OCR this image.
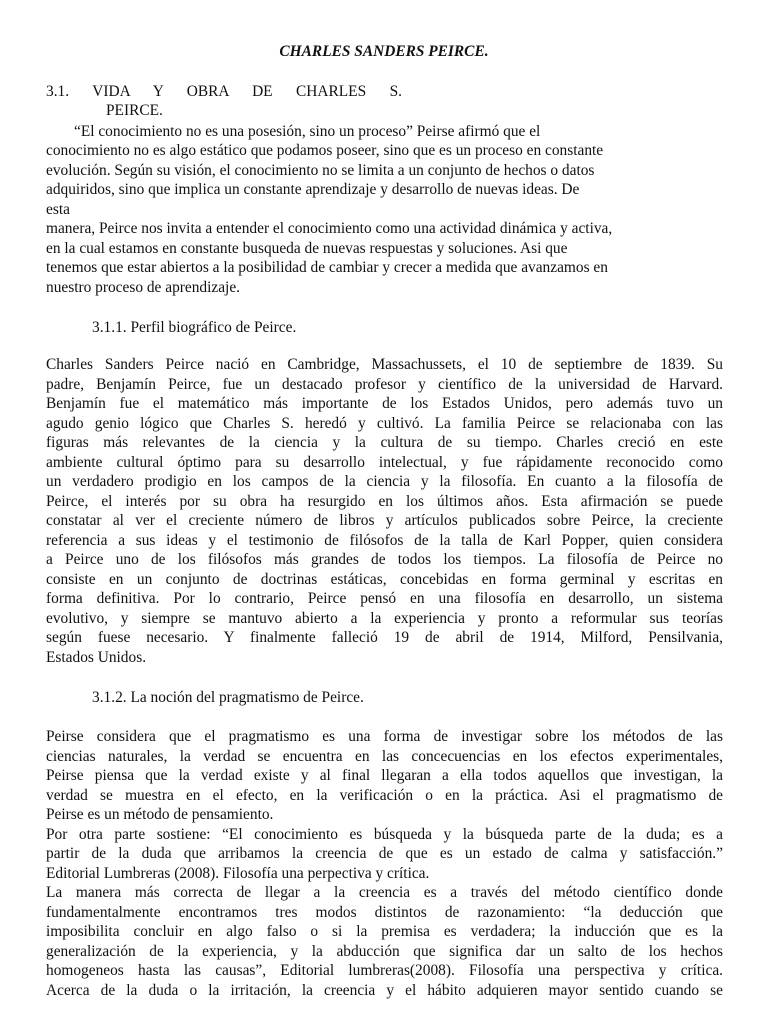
CHARLES SANDERS PEIRCE.

3.1. VIDA Y OBRA DE CHARLES S.

PEIRCE.

“El conocimiento no es una posesión, sino un proceso” Peirse afirmó que el

conocimiento no es algo estático que podamos poseer, sino que es un proceso en constante

evolución. Según su visión, el conocimiento no se limita a un conjunto de hechos o datos

adquiridos, sino que implica un constante aprendizaje y desarrollo de nuevas ideas. De

esta

manera, Peirce nos invita a entender el conocimiento como una actividad dinámica y activa,

en la cual estamos en constante busqueda de nuevas respuestas y soluciones. Asi que

tenemos que estar abiertos a la posibilidad de cambiar y crecer a medida que avanzamos en

nuestro proceso de aprendizaje.

3.1.1. Perfil biográfico de Peirce.

Charles Sanders Peirce nació en Cambridge, Massachussets, el 10 de septiembre de 1839. Su

padre, Benjamín Peirce, fue un destacado profesor y científico de la universidad de Harvard.

Benjamín fue el matemático más importante de los Estados Unidos, pero además tuvo un

agudo genio lógico que Charles S. heredó y cultivó. La familia Peirce se relacionaba con las

figuras más relevantes de la ciencia y la cultura de su tiempo. Charles creció en este

ambiente cultural óptimo para su desarrollo intelectual, y fue rápidamente reconocido como

un verdadero prodigio en los campos de la ciencia y la filosofía. En cuanto a la filosofía de

Peirce, el interés por su obra ha resurgido en los últimos años. Esta afirmación se puede

constatar al ver el creciente número de libros y artículos publicados sobre Peirce, la creciente

referencia a sus ideas y el testimonio de filósofos de la talla de Karl Popper, quien considera

a Peirce uno de los filósofos más grandes de todos los tiempos. La filosofía de Peirce no

consiste en un conjunto de doctrinas estáticas, concebidas en forma germinal y escritas en

forma definitiva. Por lo contrario, Peirce pensó en una filosofía en desarrollo, un sistema

evolutivo, y siempre se mantuvo abierto a la experiencia y pronto a reformular sus teorías

según fuese necesario. Y finalmente falleció 19 de abril de 1914, Milford, Pensilvania,

Estados Unidos.

3.1.2. La noción del pragmatismo de Peirce.

Peirse considera que el pragmatismo es una forma de investigar sobre los métodos de las

ciencias naturales, la verdad se encuentra en las concecuencias en los efectos experimentales,

Peirse piensa que la verdad existe y al final llegaran a ella todos aquellos que investigan, la

verdad se muestra en el efecto, en la verificación o en la práctica. Asi el pragmatismo de

Peirse es un método de pensamiento.

Por otra parte sostiene: “El conocimiento es búsqueda y la búsqueda parte de la duda; es a

partir de la duda que arribamos la creencia de que es un estado de calma y satisfacción.”

Editorial Lumbreras (2008). Filosofía una perpectiva y crítica.

La manera más correcta de llegar a la creencia es a través del método científico donde

fundamentalmente encontramos tres modos distintos de razonamiento: “la deducción que

imposibilita concluir en algo falso o si la premisa es verdadera; la inducción que es la

generalización de la experiencia, y la abducción que significa dar un salto de los hechos

homogeneos hasta las causas”, Editorial lumbreras(2008). Filosofía una perspectiva y crítica.

Acerca de la duda o la irritación, la creencia y el hábito adquieren mayor sentido cuando se
